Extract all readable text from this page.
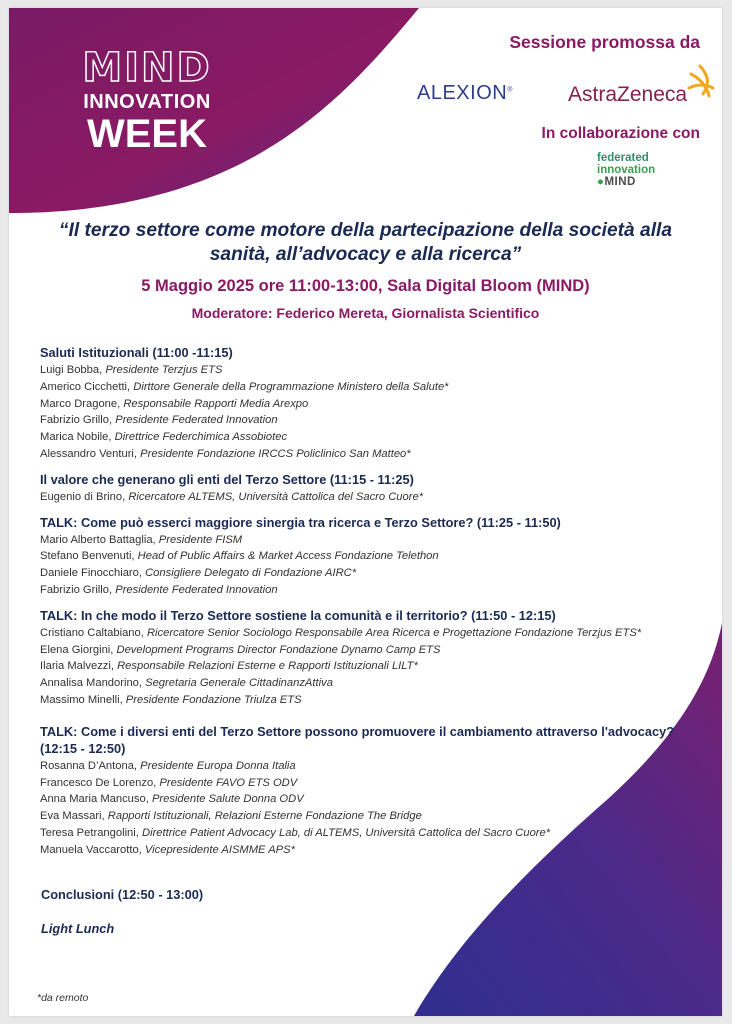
MIND
INNOVATION
WEEK
Sessione promossa da
ALEXION®	AstraZeneca
In collaborazione con
federated
innovation
●MIND
“Il terzo settore come motore della partecipazione della società alla sanità, all’advocacy e alla ricerca”
5 Maggio 2025 ore 11:00-13:00, Sala Digital Bloom (MIND)
Moderatore: Federico Mereta, Giornalista Scientifico
Saluti Istituzionali (11:00 -11:15)
Luigi Bobba, Presidente Terzjus ETS
Americo Cicchetti, Dirttore Generale della Programmazione Ministero della Salute*
Marco Dragone, Responsabile Rapporti Media Arexpo
Fabrizio Grillo, Presidente Federated Innovation
Marica Nobile, Direttrice Federchimica Assobiotec
Alessandro Venturi, Presidente Fondazione IRCCS Policlinico San Matteo*
Il valore che generano gli enti del Terzo Settore (11:15 - 11:25)
Eugenio di Brino, Ricercatore ALTEMS, Università Cattolica del Sacro Cuore*
TALK: Come può esserci maggiore sinergia tra ricerca e Terzo Settore? (11:25 - 11:50)
Mario Alberto Battaglia, Presidente FISM
Stefano Benvenuti, Head of Public Affairs & Market Access Fondazione Telethon
Daniele Finocchiaro, Consigliere Delegato di Fondazione AIRC*
Fabrizio Grillo, Presidente Federated Innovation
TALK: In che modo il Terzo Settore sostiene la comunità e il territorio? (11:50 - 12:15)
Cristiano Caltabiano, Ricercatore Senior Sociologo Responsabile Area Ricerca e Progettazione Fondazione Terzjus ETS*
Elena Giorgini, Development Programs Director Fondazione Dynamo Camp ETS
Ilaria Malvezzi, Responsabile Relazioni Esterne e Rapporti Istituzionali LILT*
Annalisa Mandorino, Segretaria Generale CittadinanzAttiva
Massimo Minelli, Presidente Fondazione Triulza ETS
TALK: Come i diversi enti del Terzo Settore possono promuovere il cambiamento attraverso l'advocacy? (12:15 - 12:50)
Rosanna D’Antona, Presidente Europa Donna Italia
Francesco De Lorenzo, Presidente FAVO ETS ODV
Anna Maria Mancuso, Presidente Salute Donna ODV
Eva Massari, Rapporti Istituzionali, Relazioni Esterne Fondazione The Bridge
Teresa Petrangolini, Direttrice Patient Advocacy Lab, di ALTEMS, Università Cattolica del Sacro Cuore*
Manuela Vaccarotto, Vicepresidente AISMME APS*
Conclusioni (12:50 - 13:00)
Light Lunch
*da remoto
